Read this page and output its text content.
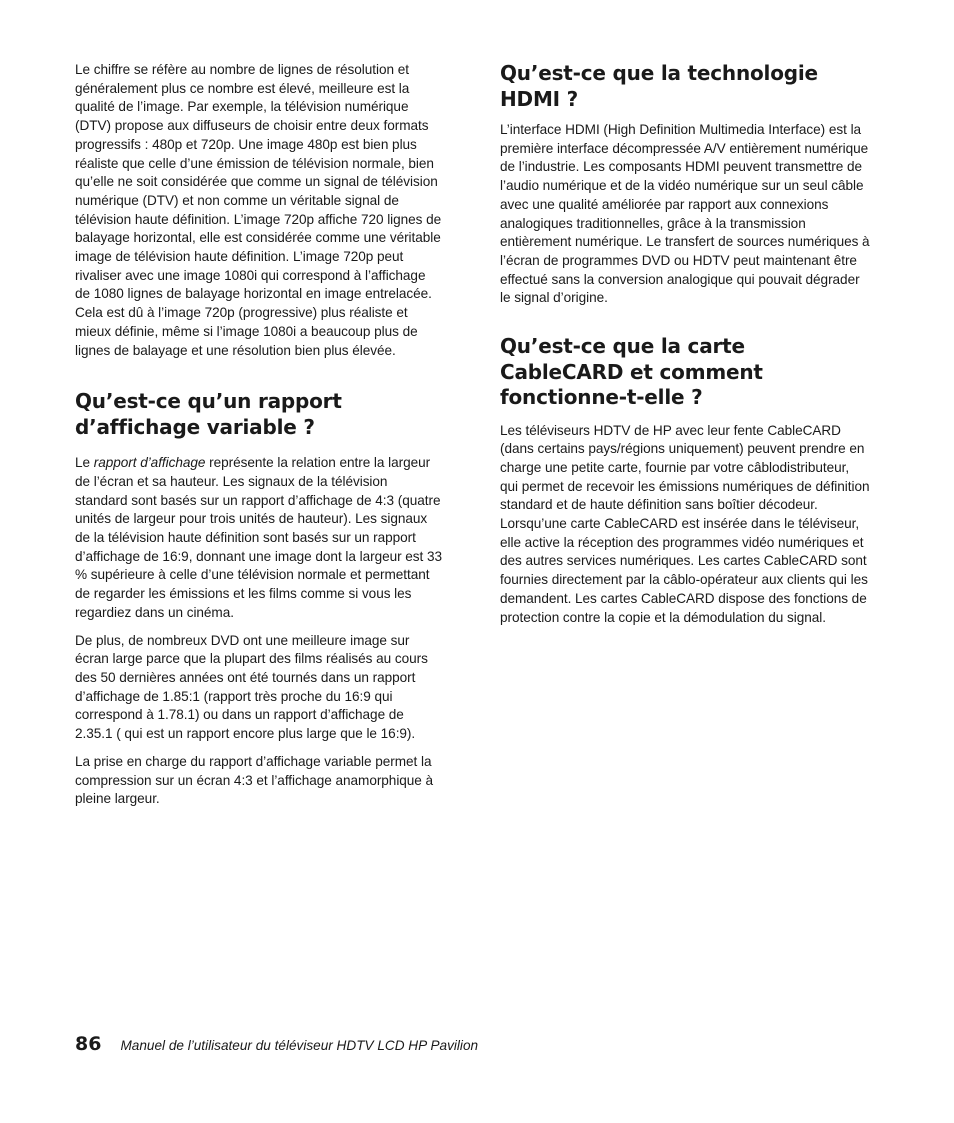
Le chiffre se réfère au nombre de lignes de résolution et généralement plus ce nombre est élevé, meilleure est la qualité de l’image. Par exemple, la télévision numérique (DTV) propose aux diffuseurs de choisir entre deux formats progressifs : 480p et 720p. Une image 480p est bien plus réaliste que celle d’une émission de télévision normale, bien qu’elle ne soit considérée que comme un signal de télévision numérique (DTV) et non comme un véritable signal de télévision haute définition. L’image 720p affiche 720 lignes de balayage horizontal, elle est considérée comme une véritable image de télévision haute définition. L’image 720p peut rivaliser avec une image 1080i qui correspond à l’affichage de 1080 lignes de balayage horizontal en image entrelacée. Cela est dû à l’image 720p (progressive) plus réaliste et mieux définie, même si l’image 1080i a beaucoup plus de lignes de balayage et une résolution bien plus élevée.

Qu’est-ce qu’un rapport d’affichage variable ?

Le rapport d’affichage représente la relation entre la largeur de l’écran et sa hauteur. Les signaux de la télévision standard sont basés sur un rapport d’affichage de 4:3 (quatre unités de largeur pour trois unités de hauteur). Les signaux de la télévision haute définition sont basés sur un rapport d’affichage de 16:9, donnant une image dont la largeur est 33 % supérieure à celle d’une télévision normale et permettant de regarder les émissions et les films comme si vous les regardiez dans un cinéma.

De plus, de nombreux DVD ont une meilleure image sur écran large parce que la plupart des films réalisés au cours des 50 dernières années ont été tournés dans un rapport d’affichage de 1.85:1 (rapport très proche du 16:9 qui correspond à 1.78.1) ou dans un rapport d’affichage de 2.35.1 ( qui est un rapport encore plus large que le 16:9).

La prise en charge du rapport d’affichage variable permet la compression sur un écran 4:3 et l’affichage anamorphique à pleine largeur.

Qu’est-ce que la technologie HDMI ?

L’interface HDMI (High Definition Multimedia Interface) est la première interface décompressée A/V entièrement numérique de l’industrie. Les composants HDMI peuvent transmettre de l’audio numérique et de la vidéo numérique sur un seul câble avec une qualité améliorée par rapport aux connexions analogiques traditionnelles, grâce à la transmission entièrement numérique. Le transfert de sources numériques à l’écran de programmes DVD ou HDTV peut maintenant être effectué sans la conversion analogique qui pouvait dégrader le signal d’origine.

Qu’est-ce que la carte CableCARD et comment fonctionne-t-elle ?

Les téléviseurs HDTV de HP avec leur fente CableCARD (dans certains pays/régions uniquement) peuvent prendre en charge une petite carte, fournie par votre câblodistributeur, qui permet de recevoir les émissions numériques de définition standard et de haute définition sans boîtier décodeur. Lorsqu’une carte CableCARD est insérée dans le téléviseur, elle active la réception des programmes vidéo numériques et des autres services numériques. Les cartes CableCARD sont fournies directement par la câblo-opérateur aux clients qui les demandent. Les cartes CableCARD dispose des fonctions de protection contre la copie et la démodulation du signal.

86 Manuel de l’utilisateur du téléviseur HDTV LCD HP Pavilion
